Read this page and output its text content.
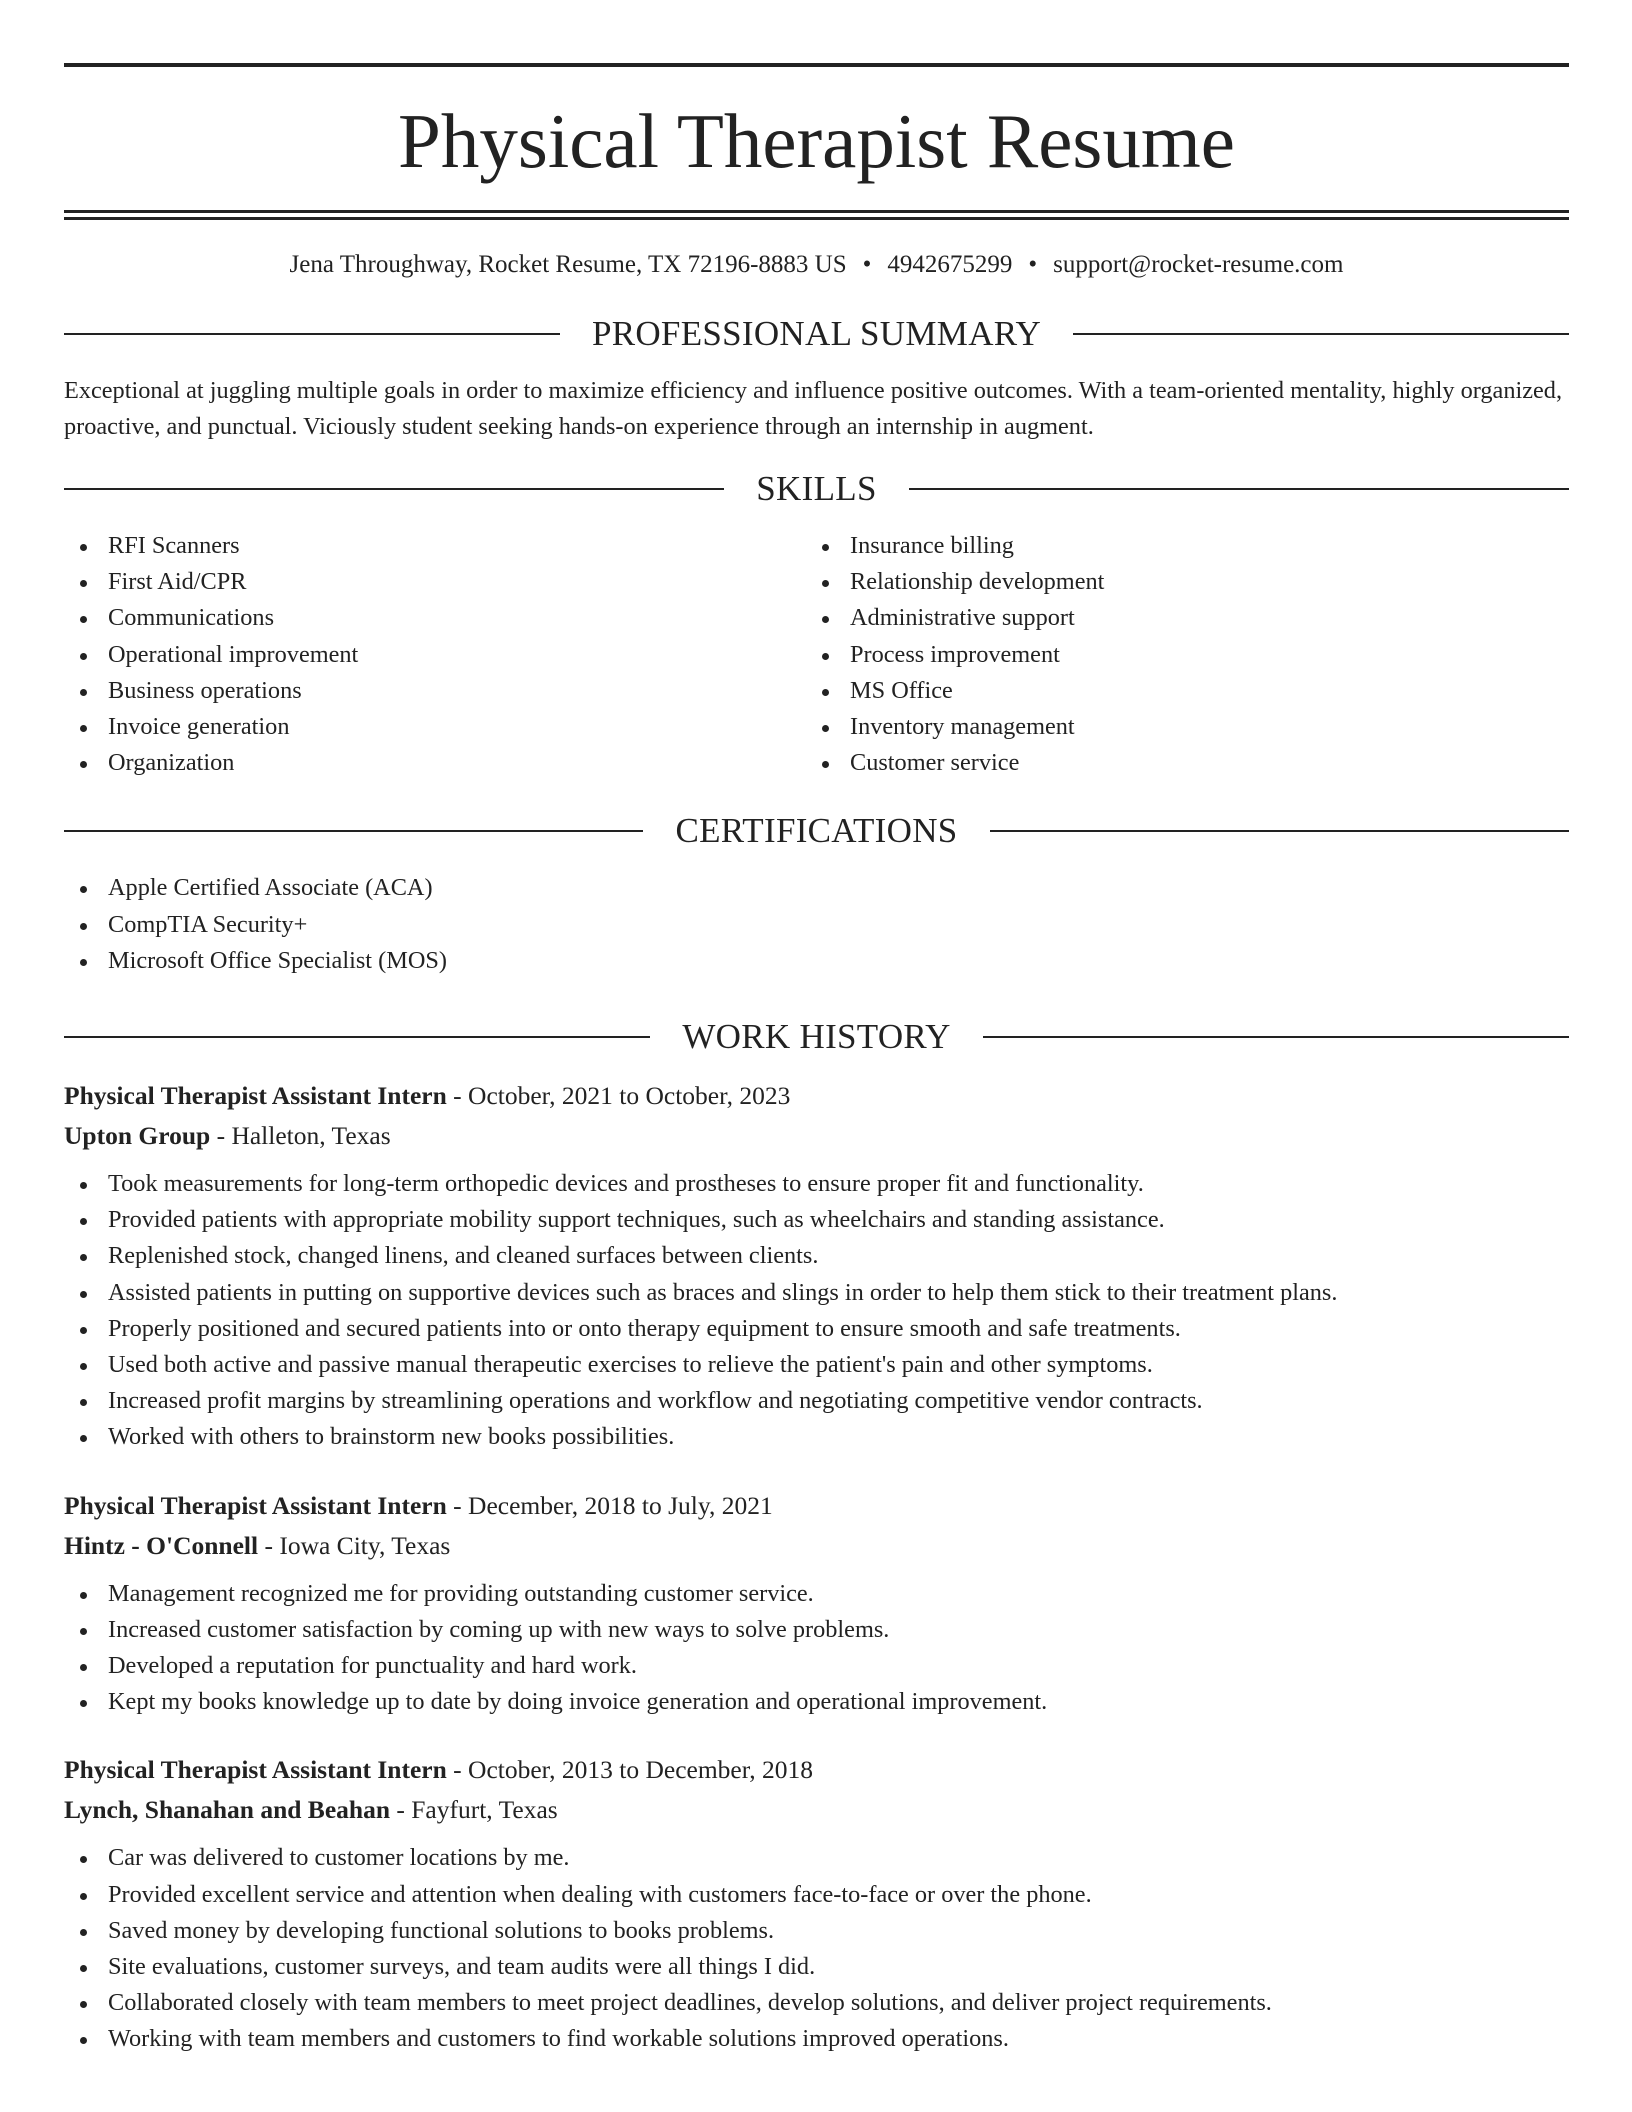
Physical Therapist Resume
Jena Throughway, Rocket Resume, TX 72196-8883 US • 4942675299 • support@rocket-resume.com
PROFESSIONAL SUMMARY

Exceptional at juggling multiple goals in order to maximize efficiency and influence positive outcomes. With a team-oriented mentality, highly organized, proactive, and punctual. Viciously student seeking hands-on experience through an internship in augment.

SKILLS
RFI Scanners
First Aid/CPR
Communications
Operational improvement
Business operations
Invoice generation
Organization
Insurance billing
Relationship development
Administrative support
Process improvement
MS Office
Inventory management
Customer service
CERTIFICATIONS
Apple Certified Associate (ACA)
CompTIA Security+
Microsoft Office Specialist (MOS)
WORK HISTORY
Physical Therapist Assistant Intern - October, 2021 to October, 2023
Upton Group - Halleton, Texas
Took measurements for long-term orthopedic devices and prostheses to ensure proper fit and functionality.
Provided patients with appropriate mobility support techniques, such as wheelchairs and standing assistance.
Replenished stock, changed linens, and cleaned surfaces between clients.
Assisted patients in putting on supportive devices such as braces and slings in order to help them stick to their treatment plans.
Properly positioned and secured patients into or onto therapy equipment to ensure smooth and safe treatments.
Used both active and passive manual therapeutic exercises to relieve the patient's pain and other symptoms.
Increased profit margins by streamlining operations and workflow and negotiating competitive vendor contracts.
Worked with others to brainstorm new books possibilities.
Physical Therapist Assistant Intern - December, 2018 to July, 2021
Hintz - O'Connell - Iowa City, Texas
Management recognized me for providing outstanding customer service.
Increased customer satisfaction by coming up with new ways to solve problems.
Developed a reputation for punctuality and hard work.
Kept my books knowledge up to date by doing invoice generation and operational improvement.
Physical Therapist Assistant Intern - October, 2013 to December, 2018
Lynch, Shanahan and Beahan - Fayfurt, Texas
Car was delivered to customer locations by me.
Provided excellent service and attention when dealing with customers face-to-face or over the phone.
Saved money by developing functional solutions to books problems.
Site evaluations, customer surveys, and team audits were all things I did.
Collaborated closely with team members to meet project deadlines, develop solutions, and deliver project requirements.
Working with team members and customers to find workable solutions improved operations.
